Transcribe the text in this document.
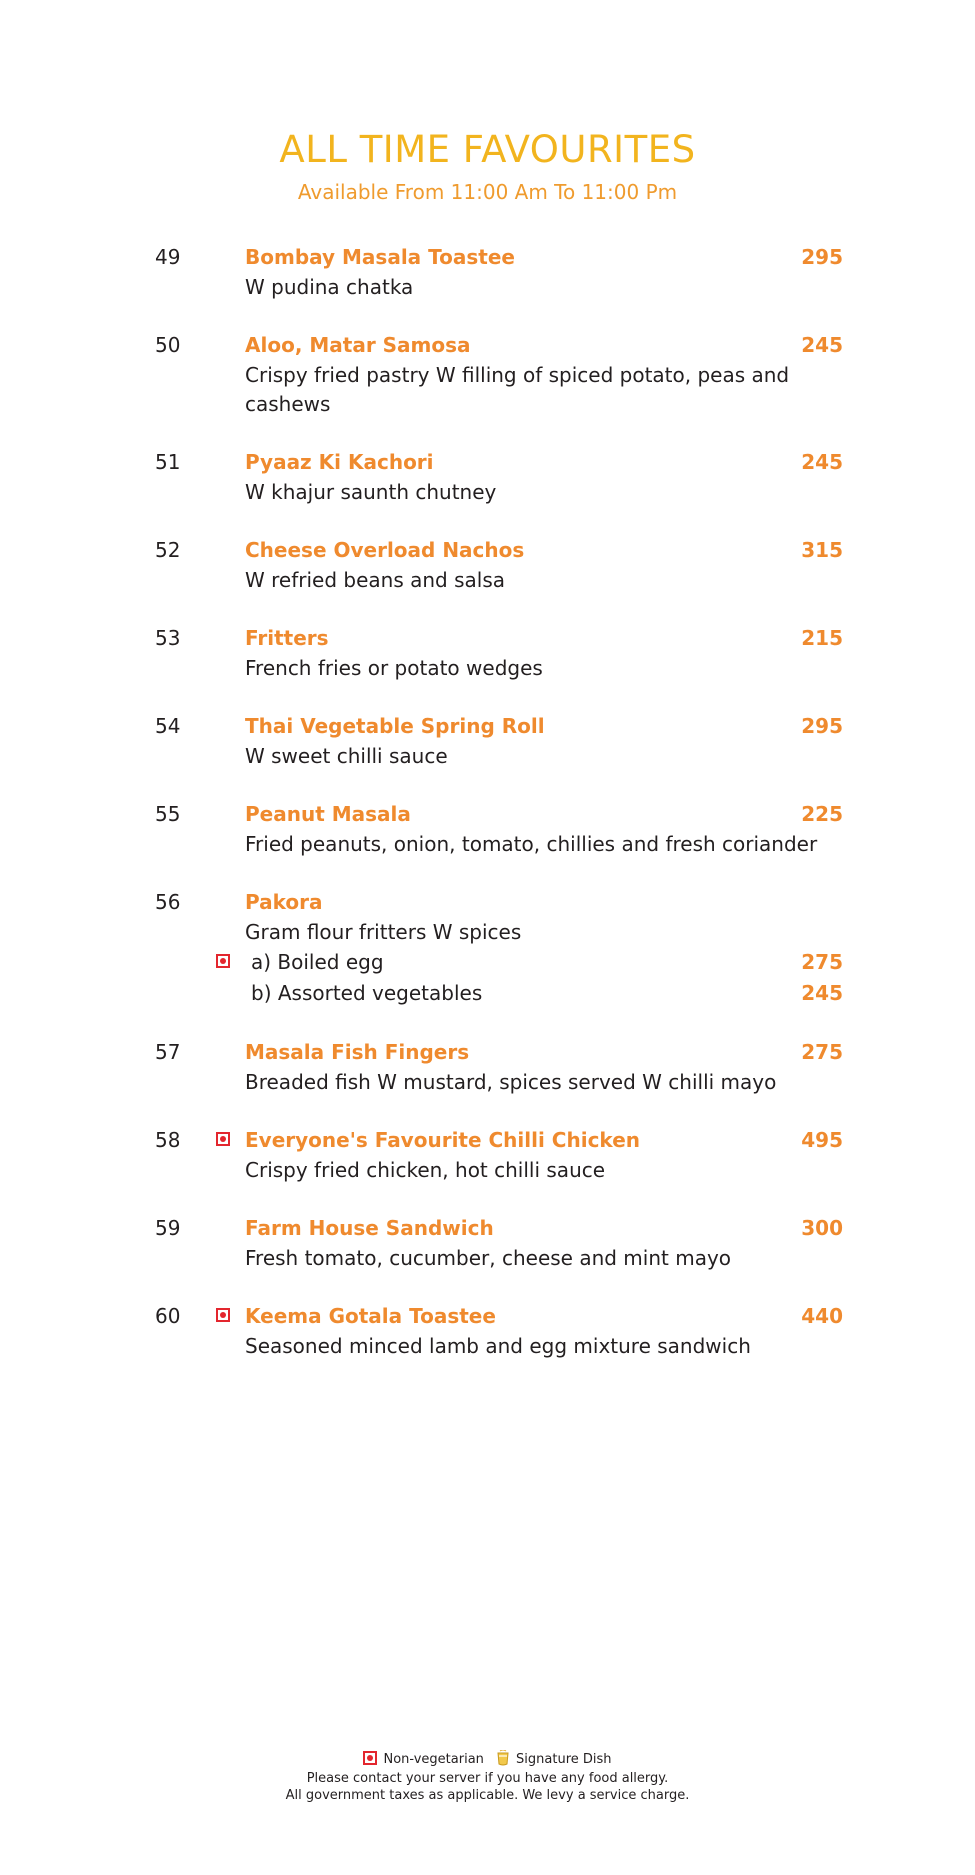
ALL TIME FAVOURITES
Available From 11:00 Am To 11:00 Pm
49	Bombay Masala Toastee	295
W pudina chatka
50	Aloo, Matar Samosa	245
Crispy fried pastry W filling of spiced potato, peas and cashews
51	Pyaaz Ki Kachori	245
W khajur saunth chutney
52	Cheese Overload Nachos	315
W refried beans and salsa
53	Fritters	215
French fries or potato wedges
54	Thai Vegetable Spring Roll	295
W sweet chilli sauce
55	Peanut Masala	225
Fried peanuts, onion, tomato, chillies and fresh coriander
56	Pakora
Gram flour fritters W spices
a) Boiled egg	275
b) Assorted vegetables	245
57	Masala Fish Fingers	275
Breaded fish W mustard, spices served W chilli mayo
58	Everyone's Favourite Chilli Chicken	495
Crispy fried chicken, hot chilli sauce
59	Farm House Sandwich	300
Fresh tomato, cucumber, cheese and mint mayo
60	Keema Gotala Toastee	440
Seasoned minced lamb and egg mixture sandwich
Non-vegetarian Signature Dish
Please contact your server if you have any food allergy.
All government taxes as applicable. We levy a service charge.
